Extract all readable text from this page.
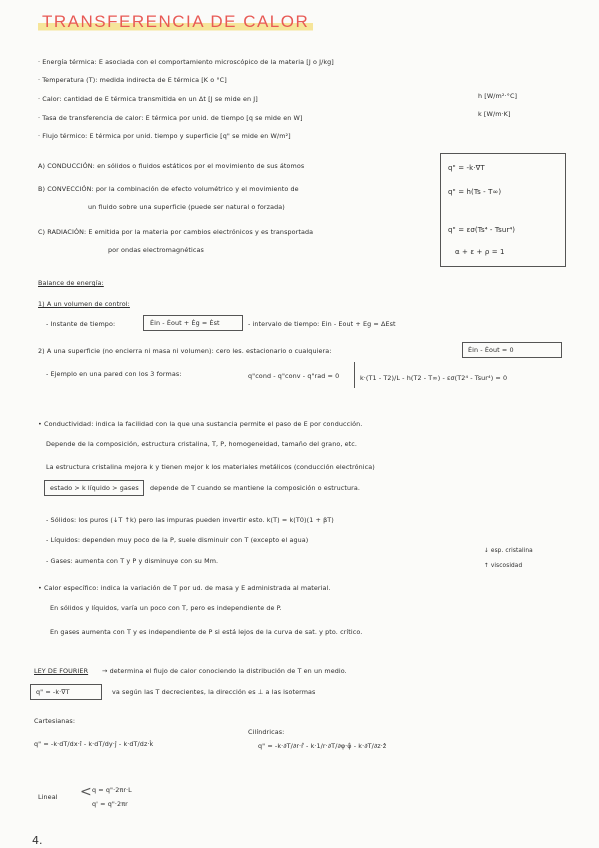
TRANSFERENCIA DE CALOR
· Energía térmica: E asociada con el comportamiento microscópico de la materia [J o J/kg]
· Temperatura (T): medida indirecta de E térmica [K o °C]
· Calor: cantidad de E térmica transmitida en un Δt [J se mide en J]
· Tasa de transferencia de calor: E térmica por unid. de tiempo [q se mide en W]
· Flujo térmico: E térmica por unid. tiempo y superficie [q" se mide en W/m²]
h [W/m²·°C]
k [W/m·K]
A) CONDUCCIÓN: en sólidos o fluidos estáticos por el movimiento de sus átomos
B) CONVECCIÓN: por la combinación de efecto volumétrico y el movimiento de
un fluido sobre una superficie (puede ser natural o forzada)
C) RADIACIÓN: E emitida por la materia por cambios electrónicos y es transportada
por ondas electromagnéticas
q" = -k·∇T
q" = h(Ts - T∞)
q" = εσ(Ts⁴ - Tsur⁴)
α + ε + ρ = 1
Balance de energía:
1) A un volumen de control:
- Instante de tiempo:	Ėin - Ėout + Ėg = Ėst	- intervalo de tiempo: Ein - Eout + Eg = ΔEst
2) A una superficie (no encierra ni masa ni volumen): cero les. estacionario o cualquiera:	Ėin - Ėout = 0
- Ejemplo en una pared con los 3 formas:	q"cond - q"conv - q"rad = 0	k·(T1 - T2)/L - h(T2 - T∞) - εσ(T2⁴ - Tsur⁴) = 0
• Conductividad: indica la facilidad con la que una sustancia permite el paso de E por conducción.
Depende de la composición, estructura cristalina, T, P, homogeneidad, tamaño del grano, etc.
La estructura cristalina mejora k y tienen mejor k los materiales metálicos (conducción electrónica)
estado > k líquido > gases depende de T cuando se mantiene la composición o estructura.
- Sólidos: los puros (↓T ↑k) pero las impuras pueden invertir esto. k(T) = k(T0)(1 + βT)
- Líquidos: dependen muy poco de la P, suele disminuir con T (excepto el agua)
- Gases: aumenta con T y P y disminuye con su Mm.
↓ esp. cristalina
↑ viscosidad
• Calor específico: indica la variación de T por ud. de masa y E administrada al material.
En sólidos y líquidos, varía un poco con T, pero es independiente de P.
En gases aumenta con T y es independiente de P si está lejos de la curva de sat. y pto. crítico.
LEY DE FOURIER → determina el flujo de calor conociendo la distribución de T en un medio.
q" = -k·∇T	va según las T decrecientes, la dirección es ⊥ a las isotermas
Cartesianas:
q" = -k·dT/dx·î - k·dT/dy·ĵ - k·dT/dz·k̂
Cilíndricas:
q" = -k·∂T/∂r·r̂ - k·1/r·∂T/∂φ·φ̂ - k·∂T/∂z·ẑ
Lineal < q = q"·2πr·L
q' = q"·2πr
4.
